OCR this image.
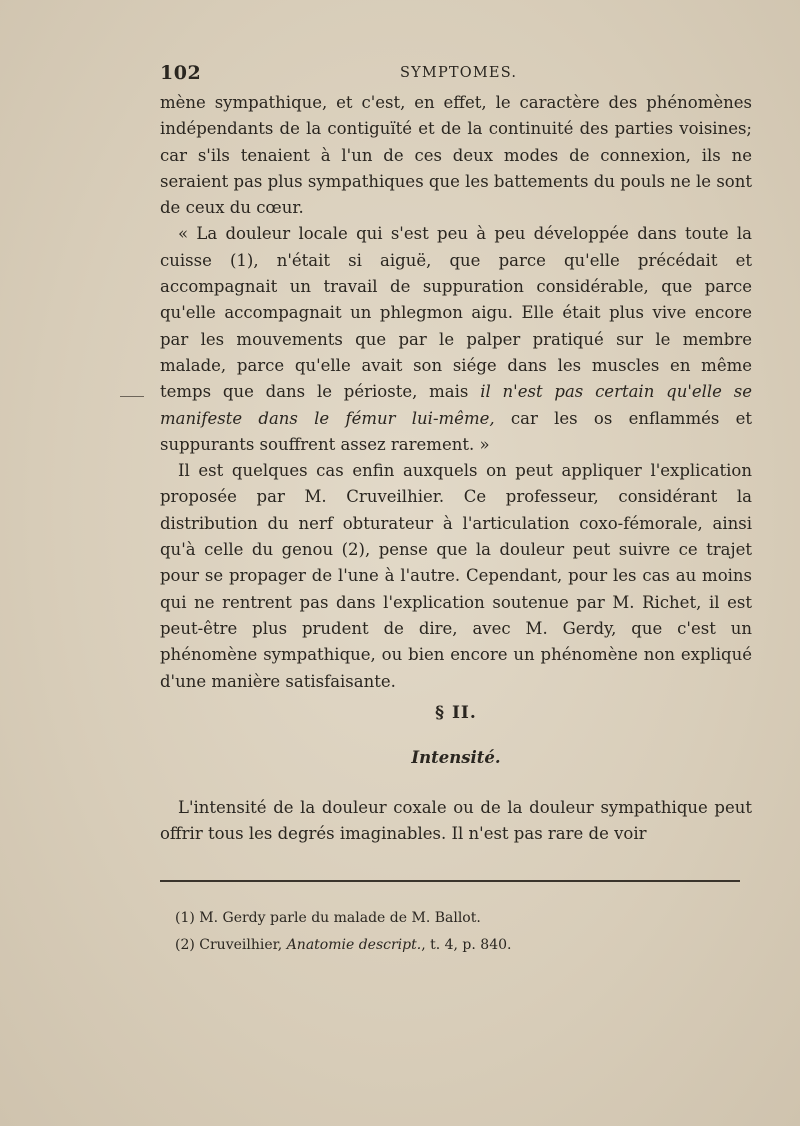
102	SYMPTOMES.

mène sympathique, et c'est, en effet, le caractère des phénomènes indépendants de la contiguïté et de la continuité des parties voisines; car s'ils tenaient à l'un de ces deux modes de connexion, ils ne seraient pas plus sympathiques que les battements du pouls ne le sont de ceux du cœur.

« La douleur locale qui s'est peu à peu développée dans toute la cuisse (1), n'était si aiguë, que parce qu'elle précédait et accompagnait un travail de suppuration considérable, que parce qu'elle accompagnait un phlegmon aigu. Elle était plus vive encore par les mouvements que par le palper pratiqué sur le membre malade, parce qu'elle avait son siége dans les muscles en même temps que dans le périoste, mais il n'est pas certain qu'elle se manifeste dans le fémur lui-même, car les os enflammés et suppurants souffrent assez rarement. »

Il est quelques cas enfin auxquels on peut appliquer l'explication proposée par M. Cruveilhier. Ce professeur, considérant la distribution du nerf obturateur à l'articulation coxo-fémorale, ainsi qu'à celle du genou (2), pense que la douleur peut suivre ce trajet pour se propager de l'une à l'autre. Cependant, pour les cas au moins qui ne rentrent pas dans l'explication soutenue par M. Richet, il est peut-être plus prudent de dire, avec M. Gerdy, que c'est un phénomène sympathique, ou bien encore un phénomène non expliqué d'une manière satisfaisante.

§ II.
Intensité.

L'intensité de la douleur coxale ou de la douleur sympathique peut offrir tous les degrés imaginables. Il n'est pas rare de voir

(1) M. Gerdy parle du malade de M. Ballot.

(2) Cruveilhier, Anatomie descript., t. 4, p. 840.
